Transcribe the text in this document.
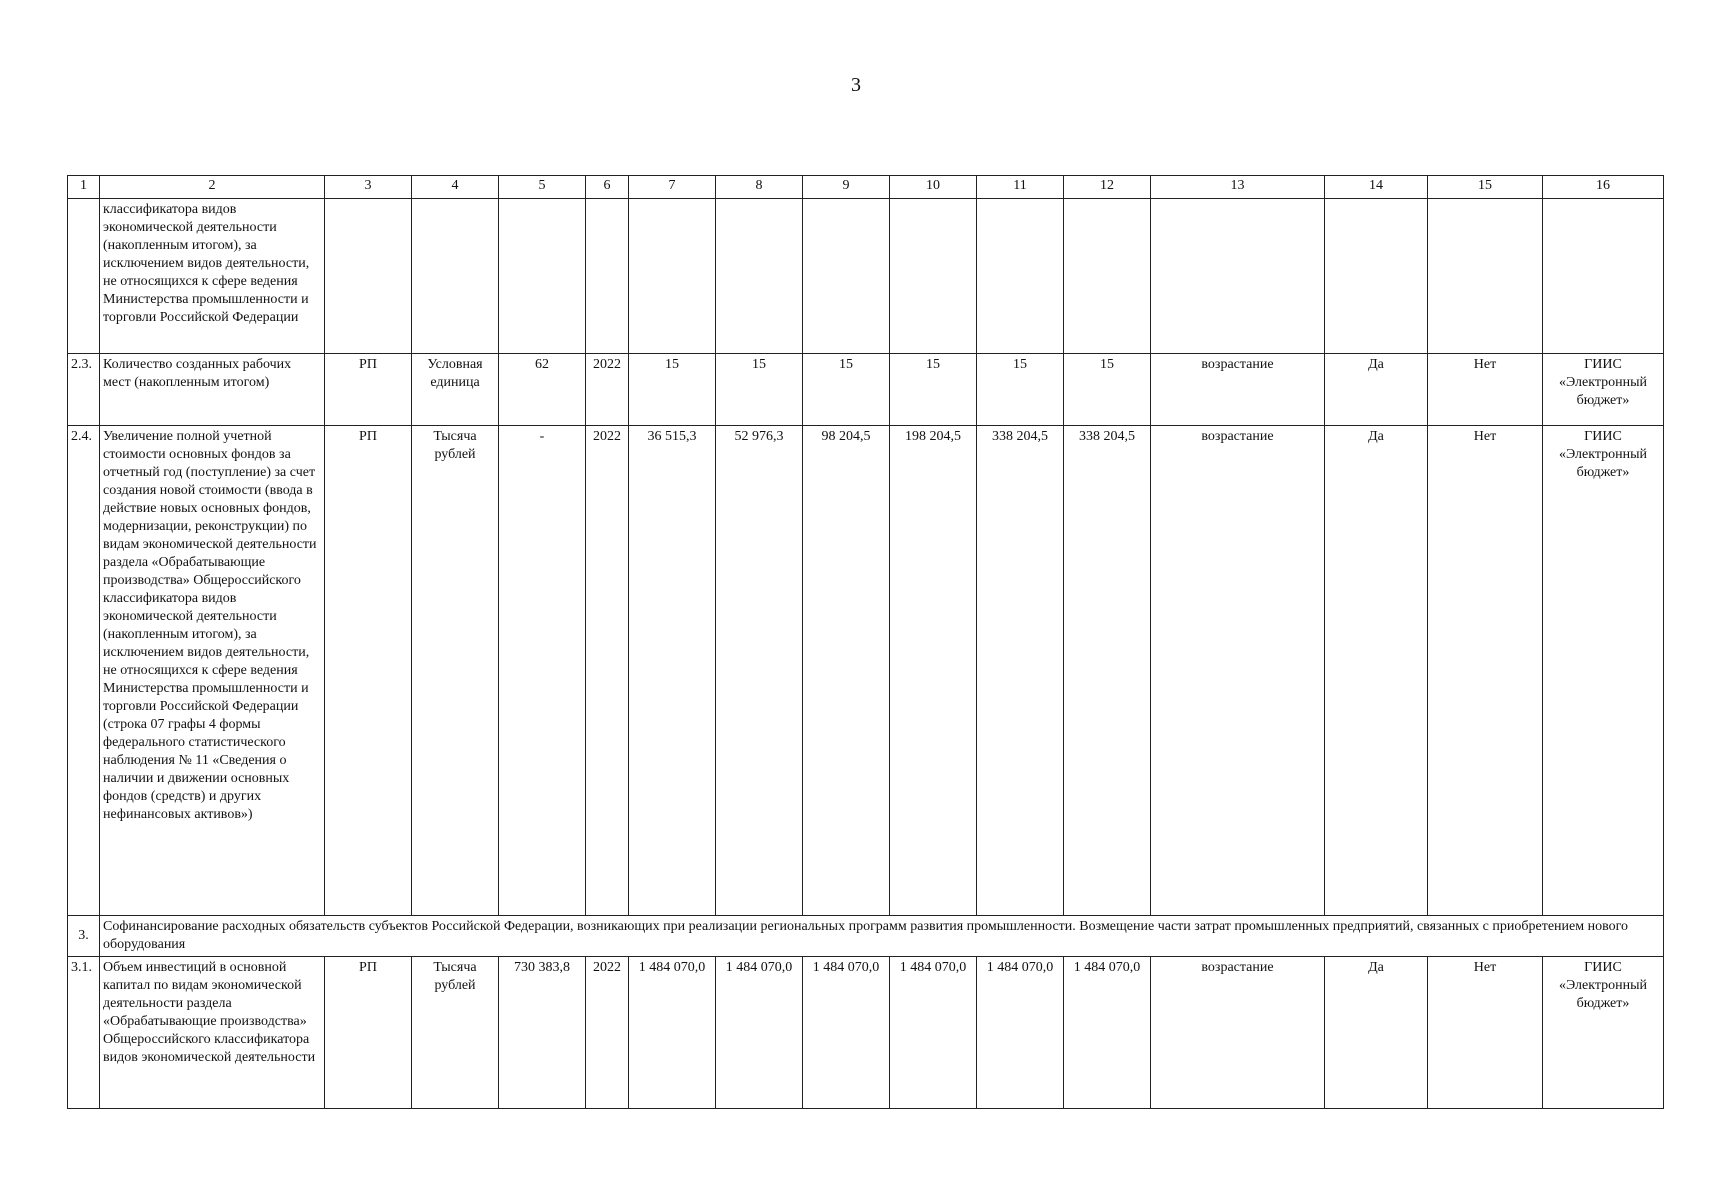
3
1	2	3	4	5	6	7	8	9	10	11	12	13	14	15	16
	классификатора видов экономической деятельности (накопленным итогом), за исключением видов деятельности, не относящихся к сфере ведения Министерства промышленности и торговли Российской Федерации														
2.3.	Количество созданных рабочих мест (накопленным итогом)	РП	Условная единица	62	2022	15	15	15	15	15	15	возрастание	Да	Нет	ГИИС «Электронный бюджет»
2.4.	Увеличение полной учетной стоимости основных фондов за отчетный год (поступление) за счет создания новой стоимости (ввода в действие новых основных фондов, модернизации, реконструкции) по видам экономической деятельности раздела «Обрабатывающие производства» Общероссийского классификатора видов экономической деятельности (накопленным итогом), за исключением видов деятельности, не относящихся к сфере ведения Министерства промышленности и торговли Российской Федерации (строка 07 графы 4 формы федерального статистического наблюдения № 11 «Сведения о наличии и движении основных фондов (средств) и других нефинансовых активов»)	РП	Тысяча рублей	-	2022	36 515,3	52 976,3	98 204,5	198 204,5	338 204,5	338 204,5	возрастание	Да	Нет	ГИИС «Электронный бюджет»
3.	Софинансирование расходных обязательств субъектов Российской Федерации, возникающих при реализации региональных программ развития промышленности. Возмещение части затрат промышленных предприятий, связанных с приобретением нового оборудования														
3.1.	Объем инвестиций в основной капитал по видам экономической деятельности раздела «Обрабатывающие производства» Общероссийского классификатора видов экономической деятельности	РП	Тысяча рублей	730 383,8	2022	1 484 070,0	1 484 070,0	1 484 070,0	1 484 070,0	1 484 070,0	1 484 070,0	возрастание	Да	Нет	ГИИС «Электронный бюджет»
